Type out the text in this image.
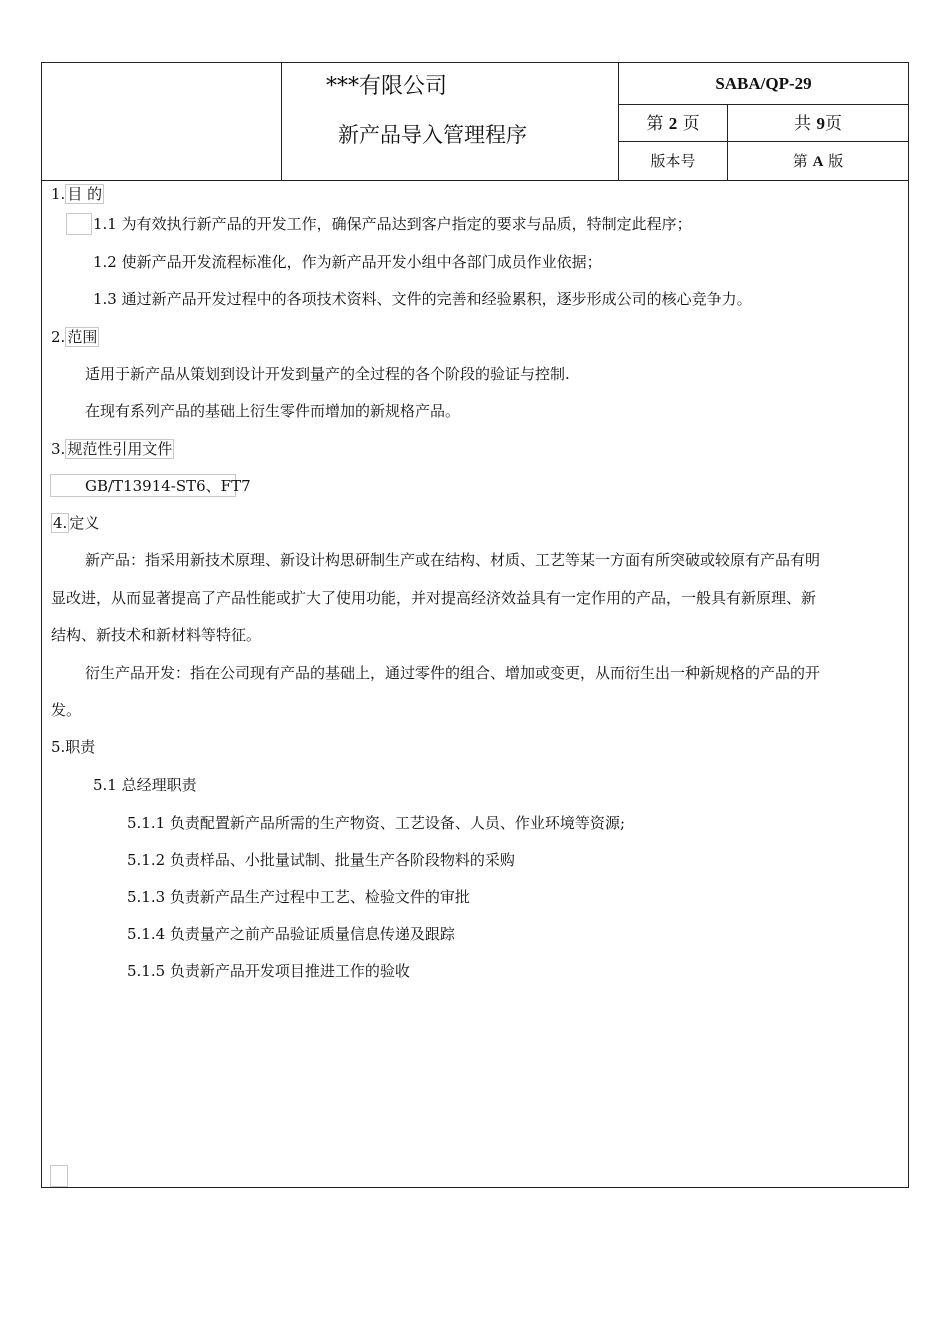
***有限公司
新产品导入管理程序
SABA/QP-29
第 2 页	共 9页
版本号	第 A 版
1. 目 的
1.1 为有效执行新产品的开发工作，确保产品达到客户指定的要求与品质，特制定此程序；
1.2 使新产品开发流程标准化，作为新产品开发小组中各部门成员作业依据；
1.3 通过新产品开发过程中的各项技术资料、文件的完善和经验累积，逐步形成公司的核心竞争力。
2. 范围
适用于新产品从策划到设计开发到量产的全过程的各个阶段的验证与控制.
在现有系列产品的基础上衍生零件而增加的新规格产品。
3. 规范性引用文件
GB/T13914-ST6、FT7
4. 定义
新产品：指采用新技术原理、新设计构思研制生产或在结构、材质、工艺等某一方面有所突破或较原有产品有明
显改进，从而显著提高了产品性能或扩大了使用功能，并对提高经济效益具有一定作用的产品，一般具有新原理、新
结构、新技术和新材料等特征。
衍生产品开发：指在公司现有产品的基础上，通过零件的组合、增加或变更，从而衍生出一种新规格的产品的开
发。
5.职责
5.1 总经理职责
5.1.1 负责配置新产品所需的生产物资、工艺设备、人员、作业环境等资源;
5.1.2 负责样品、小批量试制、批量生产各阶段物料的采购
5.1.3 负责新产品生产过程中工艺、检验文件的审批
5.1.4 负责量产之前产品验证质量信息传递及跟踪
5.1.5 负责新产品开发项目推进工作的验收
